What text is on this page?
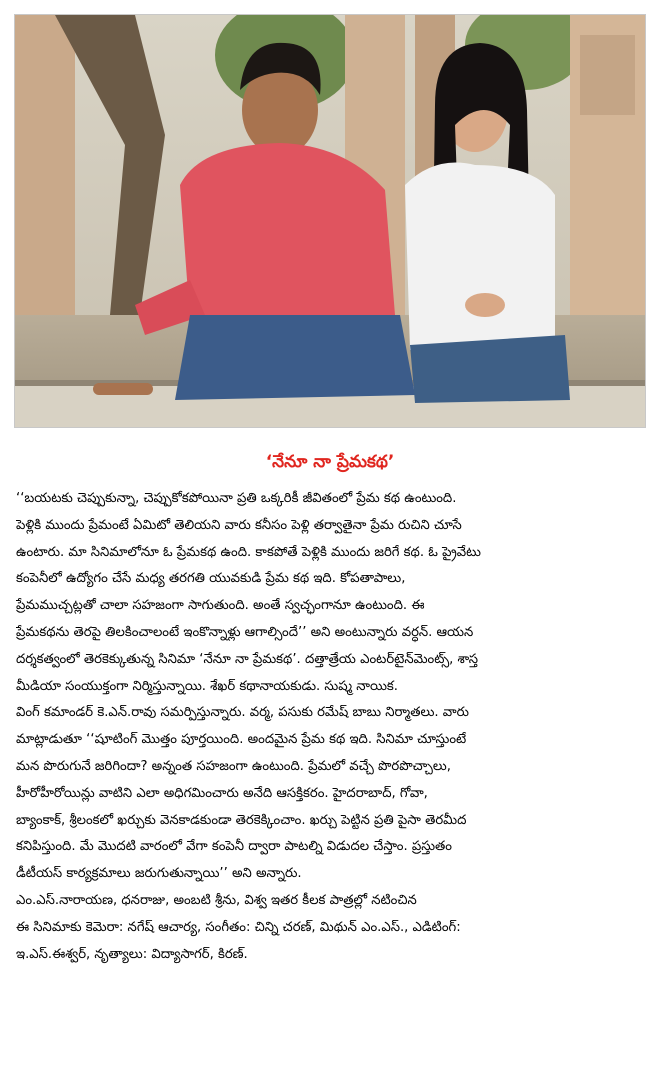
‘నేనూ నా ప్రేమకథ’
‘‘బయటకు చెప్పుకున్నా, చెప్పుకోకపోయినా ప్రతి ఒక్కరికీ జీవితంలో ప్రేమ కథ ఉంటుంది.
పెళ్లికి ముందు ప్రేమంటే ఏమిటో తెలియని వారు కనీసం పెళ్లి తర్వాతైనా ప్రేమ రుచిని చూసే
ఉంటారు. మా సినిమాలోనూ ఓ ప్రేమకథ ఉంది. కాకపోతే పెళ్లికి ముందు జరిగే కథ. ఓ ప్రైవేటు
కంపెనీలో ఉద్యోగం చేసే మధ్య తరగతి యువకుడి ప్రేమ కథ ఇది. కోపతాపాలు,
ప్రేమముచ్చట్లతో చాలా సహజంగా సాగుతుంది. అంతే స్వచ్ఛంగానూ ఉంటుంది. ఈ
ప్రేమకథను తెరపై తిలకించాలంటే ఇంకొన్నాళ్లు ఆగాల్సిందే’’ అని అంటున్నారు వర్ధన్. ఆయన
దర్శకత్వంలో తెరకెక్కుతున్న సినిమా ‘నేనూ నా ప్రేమకథ’. దత్తాత్రేయ ఎంటర్‌టైన్‌మెంట్స్, శాస్త
మీడియా సంయుక్తంగా నిర్మిస్తున్నాయి. శేఖర్ కథానాయకుడు. సుష్మ నాయిక.
వింగ్ కమాండర్ కె.ఎన్.రావు సమర్పిస్తున్నారు. వర్మ, పసుకు రమేష్ బాబు నిర్మాతలు. వారు
మాట్లాడుతూ ‘‘షూటింగ్ మొత్తం పూర్తయింది. అందమైన ప్రేమ కథ ఇది. సినిమా చూస్తుంటే
మన పొరుగునే జరిగిందా? అన్నంత సహజంగా ఉంటుంది. ప్రేమలో వచ్చే పొరపొచ్చాలు,
హీరోహీరోయిన్లు వాటిని ఎలా అధిగమించారు అనేది ఆసక్తికరం. హైదరాబాద్, గోవా,
బ్యాంకాక్, శ్రీలంకలో ఖర్చుకు వెనకాడకుండా తెరకెక్కించాం. ఖర్చు పెట్టిన ప్రతి పైసా తెరమీద
కనిపిస్తుంది. మే మొదటి వారంలో వేగా కంపెనీ ద్వారా పాటల్ని విడుదల చేస్తాం. ప్రస్తుతం
డీటీయస్ కార్యక్రమాలు జరుగుతున్నాయి’’ అని అన్నారు.
ఎం.ఎస్.నారాయణ, ధనరాజు, అంబటి శ్రీను, విశ్వ ఇతర కీలక పాత్రల్లో నటించిన
ఈ సినిమాకు కెమెరా: నగేష్ ఆచార్య, సంగీతం: చిన్ని చరణ్, మిథున్ ఎం.ఎస్., ఎడిటింగ్:
ఇ.ఎస్.ఈశ్వర్, నృత్యాలు: విద్యాసాగర్, కిరణ్.
